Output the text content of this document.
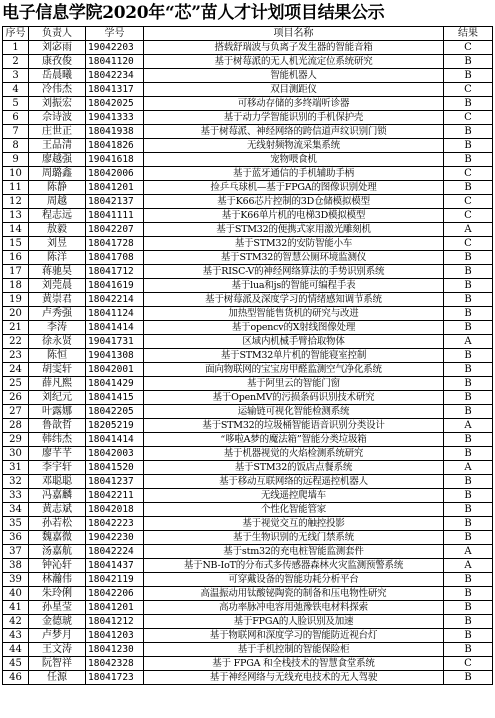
电子信息学院2020年“芯”苗人才计划项目结果公示
序号	负责人	学号	项目名称	结果
1	刘宓雨	19042203	搭载舒瑞波与负离子发生器的智能音箱	C
2	康孜俊	18041120	基于树莓派的无人机光流定位系统研究	B
3	岳晨曦	18042234	智能机器人	B
4	冷伟杰	18041317	双目测距仪	C
5	刘振宏	18042025	可移动存储的多终端听诊器	B
6	佘诗波	19041333	基于动力学智能识别的手机保护壳	C
7	庄世正	18041938	基于树莓派、神经网络的跨信道声纹识别门锁	B
8	王品清	18041826	无线射频物流采集系统	B
9	廖越强	19041618	宠物喂食机	B
10	周璐鑫	18042006	基于蓝牙通信的手机辅助手柄	C
11	陈静	18041201	捡乒乓球机—基于FPGA的图像识别处理	B
12	周越	18042137	基于K66芯片控制的3D仓储模拟模型	C
13	程志远	18041111	基于K66单片机的电梯3D模拟模型	C
14	敖毅	18042207	基于STM32的便携式家用激光雕刻机	A
15	刘昱	18041728	基于STM32的安防智能小车	C
16	陈洋	18041708	基于STM32的智慧公厕环境监测仪	B
17	蒋驰昊	18041712	基于RISC-V的神经网络算法的手势识别系统	B
18	刘莞晨	18041619	基于lua和js的智能可编程手表	B
19	黄崇君	18042214	基于树莓派及深度学习的情绪感知调节系统	B
20	卢秀强	18041124	加热型智能售货机的研究与改进	B
21	李涛	18041414	基于opencv的X射线图像处理	B
22	徐永贤	19041731	区域内机械手臂拾取物体	A
23	陈恒	19041308	基于STM32单片机的智能寝室控制	B
24	胡雯轩	18042001	面向物联网的宝宝房甲醛监测空气净化系统	B
25	薛凡熙	18041429	基于阿里云的智能门窗	B
26	刘纪元	18041415	基于OpenMV的污损条码识别技术研究	B
27	叶露娜	18042205	运输链可视化智能检测系统	B
28	鲁歆哲	18205219	基于STM32的垃圾桶智能语音识别分类设计	A
29	韩纬杰	18041414	“哆啦A梦的魔法箱”智能分类垃圾箱	B
30	廖芊芊	18042003	基于机器视觉的火焰检测系统研究	B
31	李宇轩	18041520	基于STM32的饭店点餐系统	A
32	邓聪聪	18041237	基于移动互联网络的远程遥控机器人	B
33	冯嘉麟	18042211	无线遥控爬墙车	B
34	黄志斌	18042018	个性化智能管家	B
35	孙若松	18042223	基于视觉交互的触控投影	B
36	魏嘉微	19042230	基于生物识别的无线门禁系统	B
37	汤嘉航	18042224	基于stm32的充电桩智能监测套件	A
38	钟沁轩	18041437	基于NB-IoT的分布式多传感器森林火灾监测预警系统	A
39	林瀚伟	18042119	可穿戴设备的智能功耗分析平台	B
40	朱玲俐	18042206	高温振动用钛酸铋陶瓷的制备和压电物性研究	B
41	孙星莹	18041201	高功率脉冲电容用弛豫铁电材料探索	B
42	金德琥	18041212	基于FPGA的人脸识别及加速	B
43	卢梦月	18041203	基于物联网和深度学习的智能防近视台灯	B
44	王文涛	18041230	基于手机控制的智能保险柜	B
45	阮智祥	18042328	基于 FPGA 和全栈技术的智慧食堂系统	C
46	任源	18041723	基于神经网络与无线充电技术的无人驾驶	B
